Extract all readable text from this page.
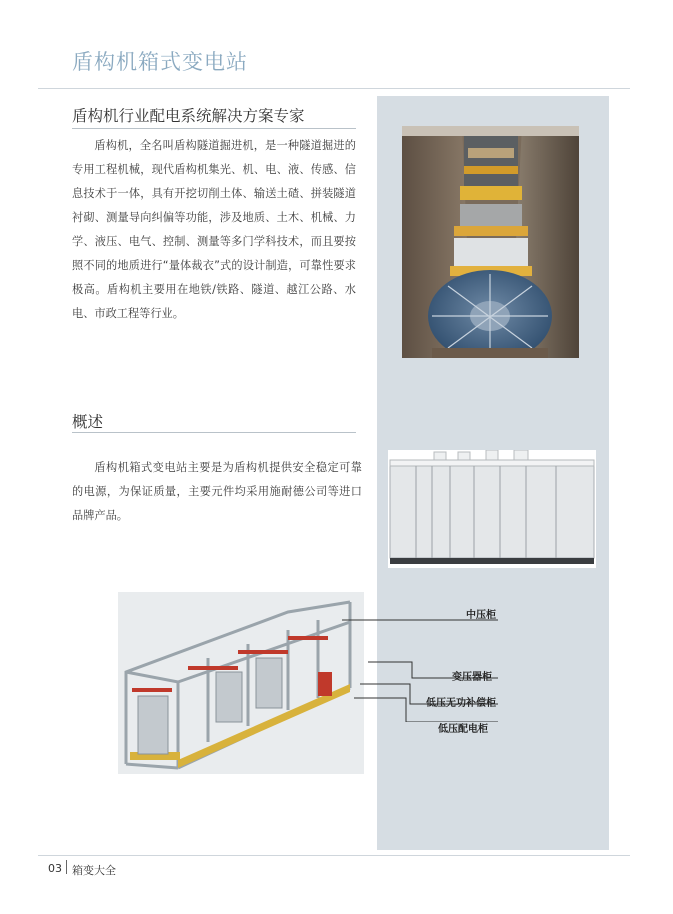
盾构机箱式变电站
盾构机行业配电系统解决方案专家

盾构机，全名叫盾构隧道掘进机，是一种隧道掘进的专用工程机械，现代盾构机集光、机、电、液、传感、信息技术于一体，具有开挖切削土体、输送土碴、拼装隧道衬砌、测量导向纠偏等功能，涉及地质、土木、机械、力学、液压、电气、控制、测量等多门学科技术，而且要按照不同的地质进行“量体裁衣”式的设计制造，可靠性要求极高。盾构机主要用在地铁/铁路、隧道、越江公路、水电、市政工程等行业。

概述

盾构机箱式变电站主要是为盾构机提供安全稳定可靠的电源，为保证质量，主要元件均采用施耐德公司等进口品牌产品。

中压柜
变压器柜
低压无功补偿柜
低压配电柜
03 箱变大全
